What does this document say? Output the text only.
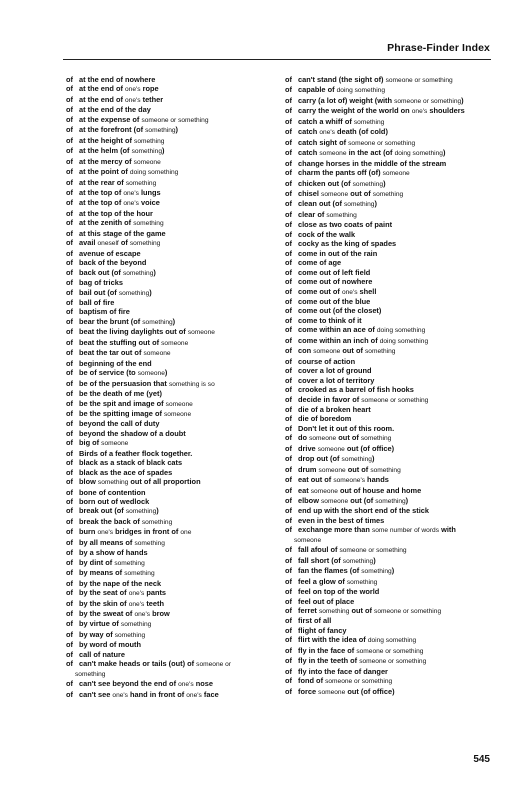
Phrase-Finder Index
of at the end of nowhere
of at the end of one's rope
of at the end of one's tether
of at the end of the day
of at the expense of someone or something
of at the forefront (of something)
of at the height of something
of at the helm (of something)
of at the mercy of someone
of at the point of doing something
of at the rear of something
of at the top of one's lungs
of at the top of one's voice
of at the top of the hour
of at the zenith of something
of at this stage of the game
of avail oneself of something
of avenue of escape
of back of the beyond
of back out (of something)
of bag of tricks
of bail out (of something)
of ball of fire
of baptism of fire
of bear the brunt (of something)
of beat the living daylights out of someone
of beat the stuffing out of someone
of beat the tar out of someone
of beginning of the end
of be of service (to someone)
of be of the persuasion that something is so
of be the death of me (yet)
of be the spit and image of someone
of be the spitting image of someone
of beyond the call of duty
of beyond the shadow of a doubt
of big of someone
of Birds of a feather flock together.
of black as a stack of black cats
of black as the ace of spades
of blow something out of all proportion
of bone of contention
of born out of wedlock
of break out (of something)
of break the back of something
of burn one's bridges in front of one
of by all means of something
of by a show of hands
of by dint of something
of by means of something
of by the nape of the neck
of by the seat of one's pants
of by the skin of one's teeth
of by the sweat of one's brow
of by virtue of something
of by way of something
of by word of mouth
of call of nature
of can't make heads or tails (out) of someone or
something
of can't see beyond the end of one's nose
of can't see one's hand in front of one's face
of can't stand (the sight of) someone or something
of capable of doing something
of carry (a lot of) weight (with someone or something)
of carry the weight of the world on one's shoulders
of catch a whiff of something
of catch one's death (of cold)
of catch sight of someone or something
of catch someone in the act (of doing something)
of change horses in the middle of the stream
of charm the pants off (of) someone
of chicken out (of something)
of chisel someone out of something
of clean out (of something)
of clear of something
of close as two coats of paint
of cock of the walk
of cocky as the king of spades
of come in out of the rain
of come of age
of come out of left field
of come out of nowhere
of come out of one's shell
of come out of the blue
of come out (of the closet)
of come to think of it
of come within an ace of doing something
of come within an inch of doing something
of con someone out of something
of course of action
of cover a lot of ground
of cover a lot of territory
of crooked as a barrel of fish hooks
of decide in favor of someone or something
of die of a broken heart
of die of boredom
of Don't let it out of this room.
of do someone out of something
of drive someone out (of office)
of drop out (of something)
of drum someone out of something
of eat out of someone's hands
of eat someone out of house and home
of elbow someone out (of something)
of end up with the short end of the stick
of even in the best of times
of exchange more than some number of words with
someone
of fall afoul of someone or something
of fall short (of something)
of fan the flames (of something)
of feel a glow of something
of feel on top of the world
of feel out of place
of ferret something out of someone or something
of first of all
of flight of fancy
of flirt with the idea of doing something
of fly in the face of someone or something
of fly in the teeth of someone or something
of fly into the face of danger
of fond of someone or something
of force someone out (of office)
545
